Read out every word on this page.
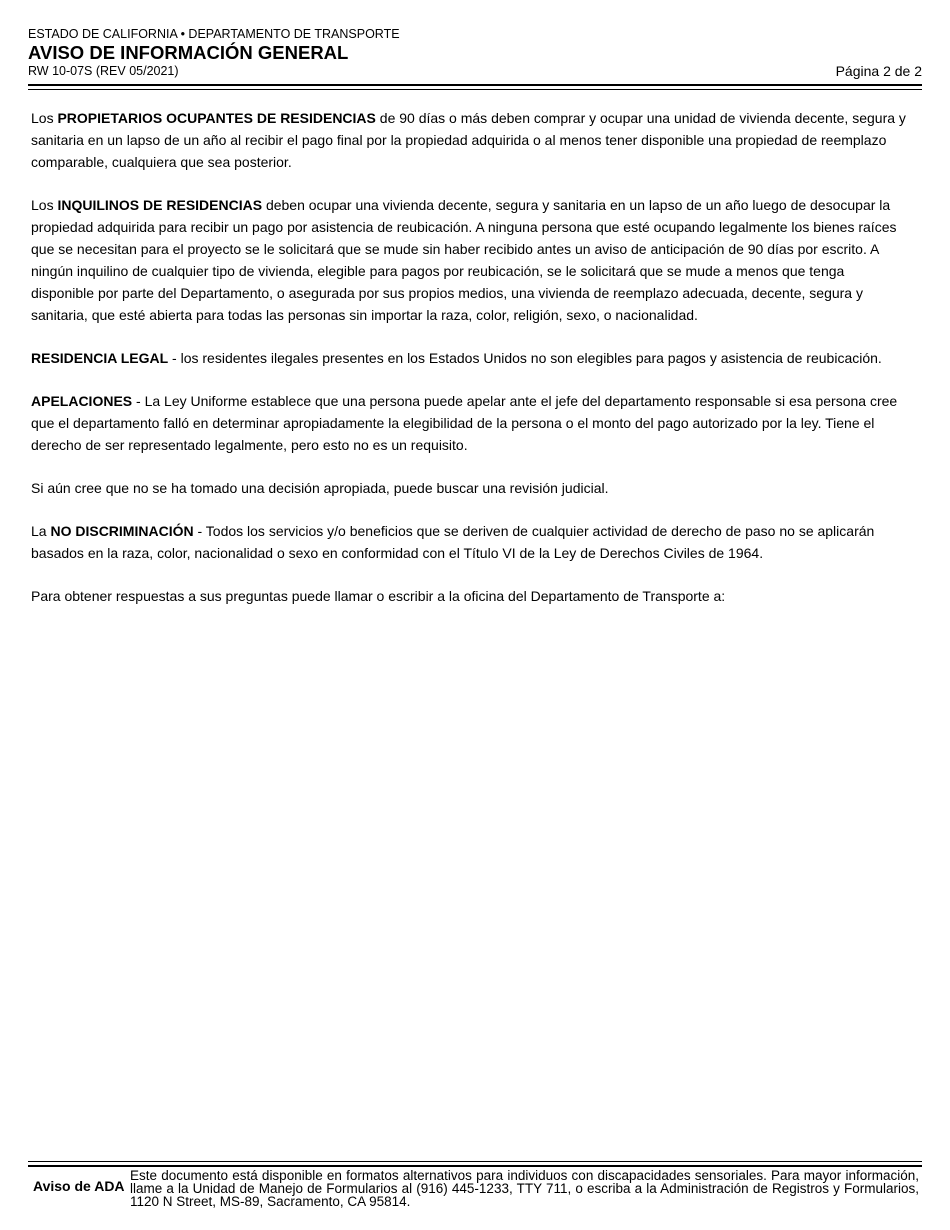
ESTADO DE CALIFORNIA • DEPARTAMENTO DE TRANSPORTE
AVISO DE INFORMACIÓN GENERAL
RW 10-07S (REV 05/2021)	Página 2 de 2

Los PROPIETARIOS OCUPANTES DE RESIDENCIAS de 90 días o más deben comprar y ocupar una unidad de vivienda decente, segura y sanitaria en un lapso de un año al recibir el pago final por la propiedad adquirida o al menos tener disponible una propiedad de reemplazo comparable, cualquiera que sea posterior.

Los INQUILINOS DE RESIDENCIAS deben ocupar una vivienda decente, segura y sanitaria en un lapso de un año luego de desocupar la propiedad adquirida para recibir un pago por asistencia de reubicación. A ninguna persona que esté ocupando legalmente los bienes raíces que se necesitan para el proyecto se le solicitará que se mude sin haber recibido antes un aviso de anticipación de 90 días por escrito. A ningún inquilino de cualquier tipo de vivienda, elegible para pagos por reubicación, se le solicitará que se mude a menos que tenga disponible por parte del Departamento, o asegurada por sus propios medios, una vivienda de reemplazo adecuada, decente, segura y sanitaria, que esté abierta para todas las personas sin importar la raza, color, religión, sexo, o nacionalidad.

RESIDENCIA LEGAL - los residentes ilegales presentes en los Estados Unidos no son elegibles para pagos y asistencia de reubicación.

APELACIONES - La Ley Uniforme establece que una persona puede apelar ante el jefe del departamento responsable si esa persona cree que el departamento falló en determinar apropiadamente la elegibilidad de la persona o el monto del pago autorizado por la ley. Tiene el derecho de ser representado legalmente, pero esto no es un requisito.

Si aún cree que no se ha tomado una decisión apropiada, puede buscar una revisión judicial.

La NO DISCRIMINACIÓN - Todos los servicios y/o beneficios que se deriven de cualquier actividad de derecho de paso no se aplicarán basados en la raza, color, nacionalidad o sexo en conformidad con el Título VI de la Ley de Derechos Civiles de 1964.

Para obtener respuestas a sus preguntas puede llamar o escribir a la oficina del Departamento de Transporte a:

Aviso de ADA
Este documento está disponible en formatos alternativos para individuos con discapacidades sensoriales. Para mayor información, llame a la Unidad de Manejo de Formularios al (916) 445-1233, TTY 711, o escriba a la Administración de Registros y Formularios, 1120 N Street, MS-89, Sacramento, CA 95814.
